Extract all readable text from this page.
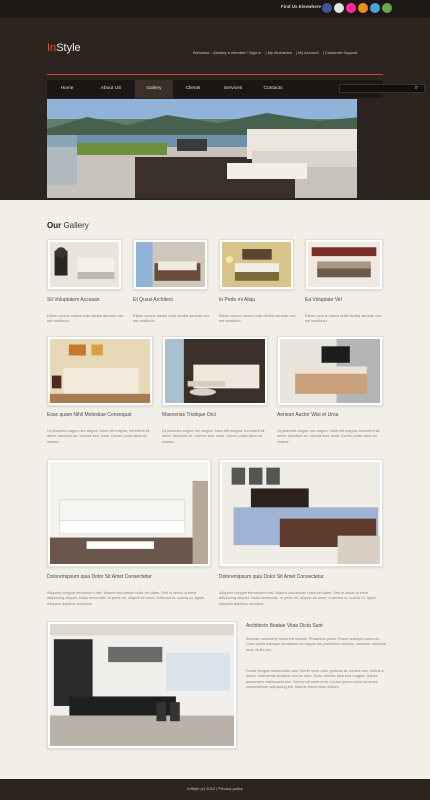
Find Us Elsewhere
InStyle	Welcome - Already a member? Sign In | My Itineraries | My Account | Customer Support
Home	About US	Gallery	Clients	Services	Contacts	⌕
Our Gallery
Sit Voluptatem Accusan	Et Quasi Architect	In Pede mi Aliqu	Ea Voluptate Vel
Etiam cursus metus nulla facilisi aenean nec est vestibulu.
Etiam cursus metus nulla facilisi aenean nec est vestibulu.
Etiam cursus metus nulla facilisi aenean nec est vestibulu.
Etiam cursus metus nulla facilisi aenean nec est vestibulu.
Esse quam Nihil Molestiae Consequat	Maecenas Tristique Orci	Aenean Auctor Wisi et Urna
Ut pharetra augue nec augue. Nam elit magna, hendrerit sit amet, tincidunt ac, viverra sed, nulla. Donec porta diam eu massa.
Ut pharetra augue nec augue. Nam elit magna, hendrerit sit amet, tincidunt ac, viverra sed, nulla. Donec porta diam eu massa.
Ut pharetra augue nec augue. Nam elit magna, hendrerit sit amet, tincidunt ac, viverra sed, nulla. Donec porta diam eu massa.
Doloremipsum quia Dolor Sit Amet Consectetur	Doloremipsum quia Dolor Sit Amet Consectetur
Aliquam congue fermentum nisl. Mauris accumsan nulla vel diam. Sed in lacus ut enim adipiscing aliquet. Nulla venenatis. In pede mi, aliquet sit amet, euismod in, auctor ut, ligula. Aliquam dapibus tincidunt.
Aliquam congue fermentum nisl. Mauris accumsan nulla vel diam. Sed in lacus ut enim adipiscing aliquet. Nulla venenatis. In pede mi, aliquet sit amet, euismod in, auctor ut, ligula. Aliquam dapibus tincidunt.
Architecto Beatae Vitae Dicta Sunt
Aenean nonummy hendrerit mauris. Phasellus porta. Fusce suscipit varius mi. Cum sociis natoque penatibus et magnis dis parturient montes, nascetur ridiculus mus. Nulla dui.
Fusce feugiat malesuada odio. Morbi nunc odio, gravida at, cursus nec, luctus a, lorem. Maecenas tristique orci ac sem. Duis ultricies pharetra magna. Donec accumsan malesuada orci. Donec sit amet eros. Lorem ipsum dolor sit amet, consectetuer adipiscing elit. Mauris fermentum dictum.
InStyle (c) 2012 | Privacy policy
